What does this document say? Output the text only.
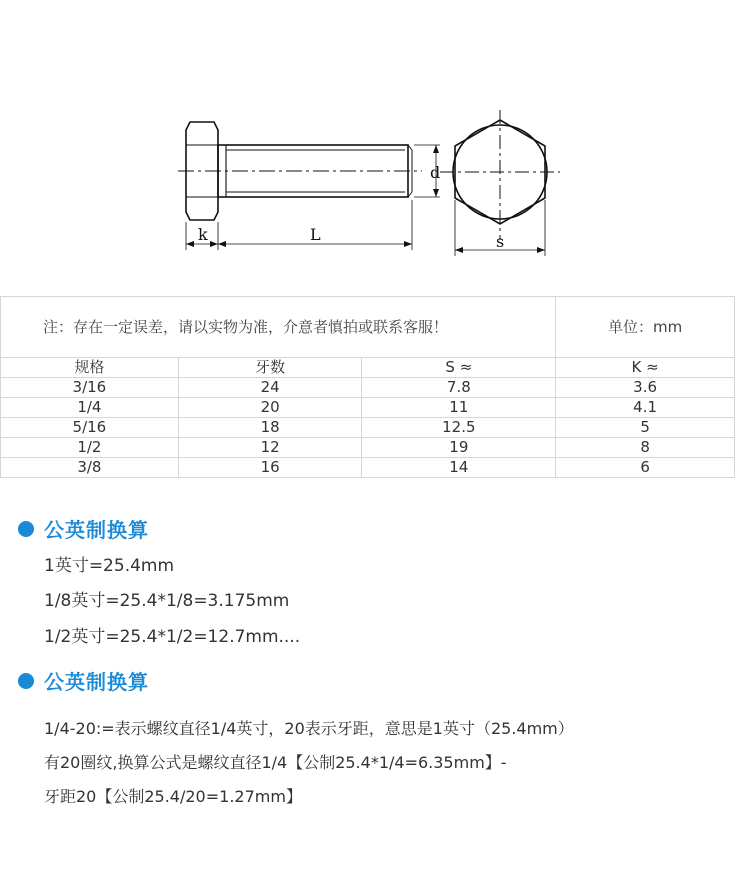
k	L
d
s
注：存在一定误差，请以实物为准，介意者慎拍或联系客服！			单位：mm
规格	牙数	S ≈	K ≈
3/16	24	7.8	3.6
1/4	20	11	4.1
5/16	18	12.5	5
1/2	12	19	8
3/8	16	14	6
公英制换算
1英寸=25.4mm
1/8英寸=25.4*1/8=3.175mm
1/2英寸=25.4*1/2=12.7mm....
公英制换算
1/4-20:=表示螺纹直径1/4英寸，20表示牙距，意思是1英寸（25.4mm）
有20圈纹,换算公式是螺纹直径1/4【公制25.4*1/4=6.35mm】-
牙距20【公制25.4/20=1.27mm】
